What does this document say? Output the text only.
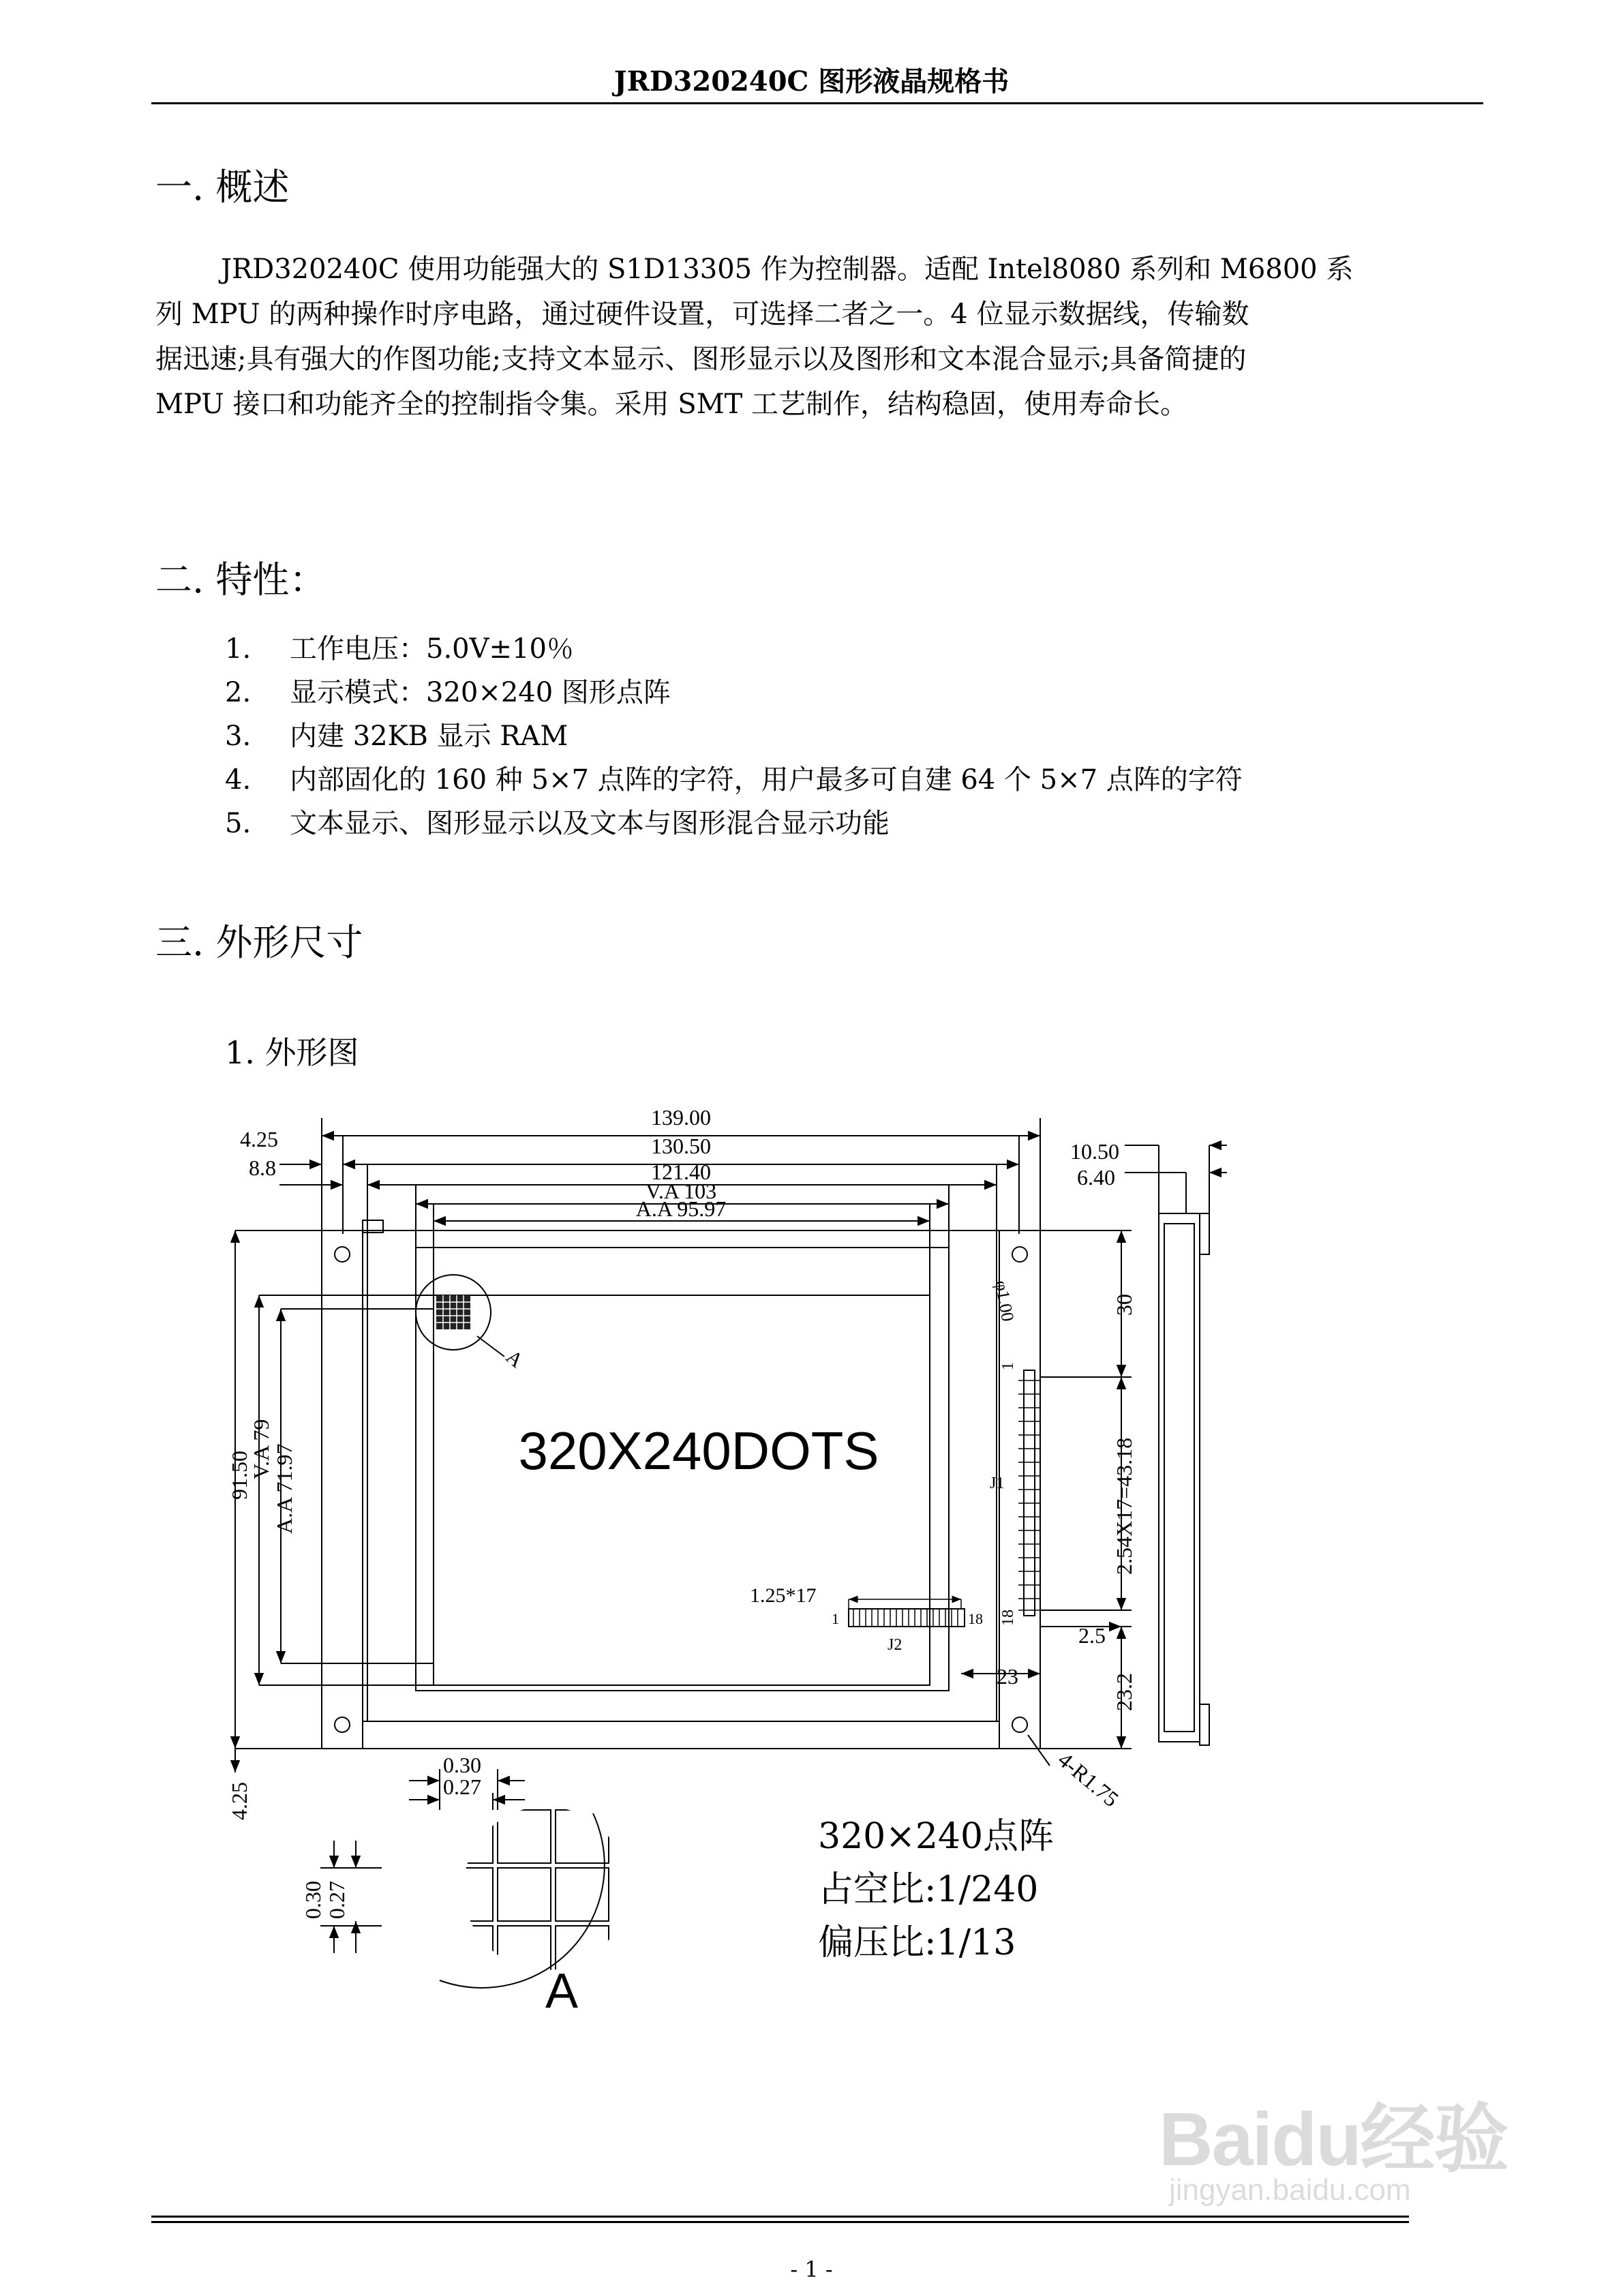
JRD320240C 图形液晶规格书
一. 概述
JRD320240C 使用功能强大的 S1D13305 作为控制器。适配 Intel8080 系列和 M6800 系
列 MPU 的两种操作时序电路，通过硬件设置，可选择二者之一。4 位显示数据线，传输数
据迅速;具有强大的作图功能;支持文本显示、图形显示以及图形和文本混合显示;具备简捷的
MPU 接口和功能齐全的控制指令集。采用 SMT 工艺制作，结构稳固，使用寿命长。
二. 特性：
1. 工作电压：5.0V±10％
2. 显示模式：320×240 图形点阵
3. 内建 32KB 显示 RAM
4. 内部固化的 160 种 5×7 点阵的字符，用户最多可自建 64 个 5×7 点阵的字符
5. 文本显示、图形显示以及文本与图形混合显示功能
三. 外形尺寸
1. 外形图
139.00
130.50
121.40
V.A 103
A.A 95.97
4.25
8.8
91.50
V.A 79
A.A 71.97
4.25
A
320X240DOTS
J1
1
18
φ1.00
1.25*17
1	18
J2
30
2.54X17=43.18
2.5
23.2
23
4-R1.75
10.50
6.40
0.30
0.27
0.30 0.27
A
320×240点阵
占空比:1/240
偏压比:1/13
Baidu经验
jingyan.baidu.com
- 1 -
